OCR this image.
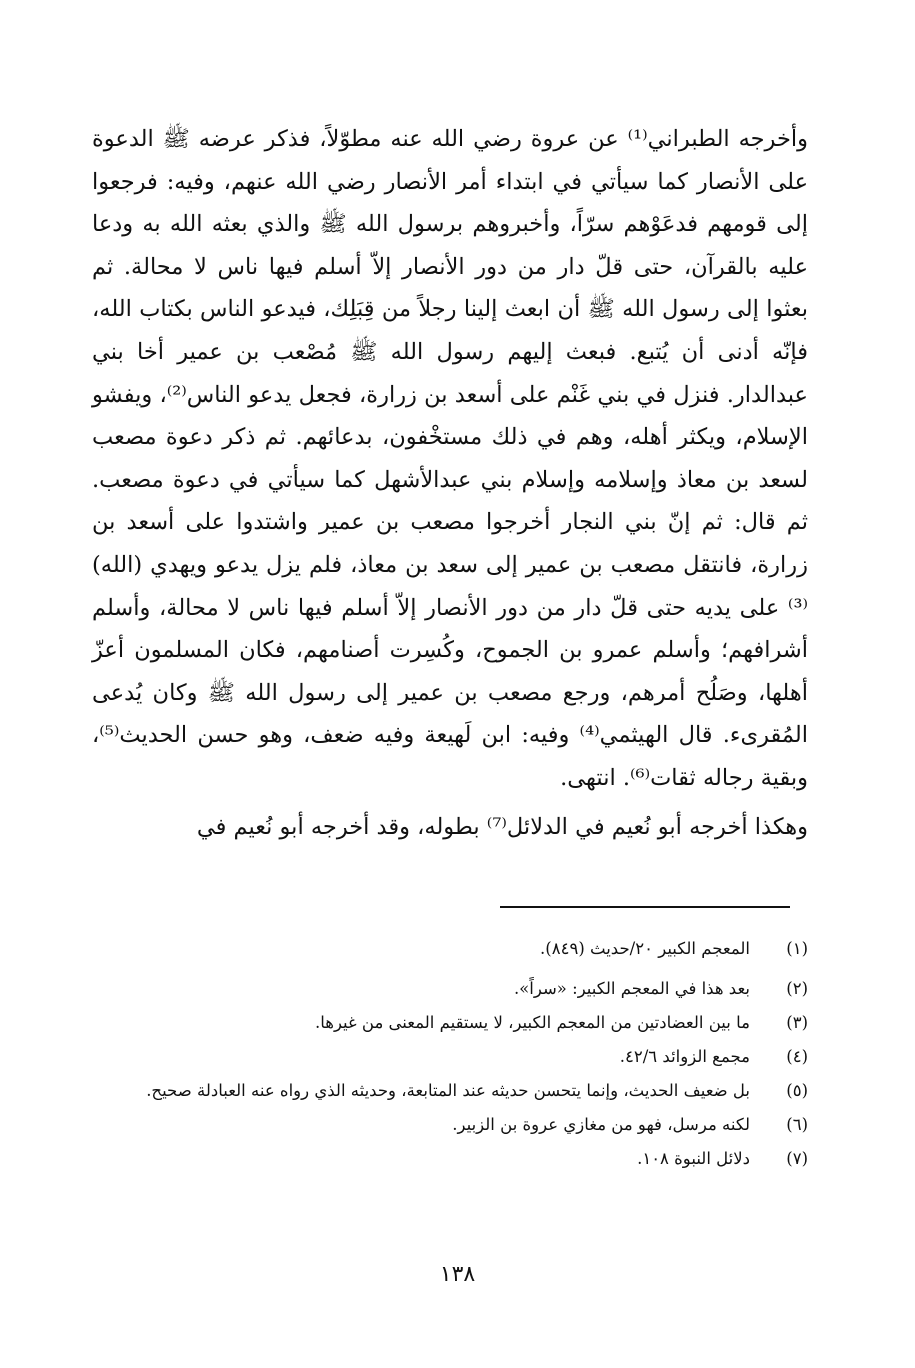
وأخرجه الطبراني⁽¹⁾ عن عروة رضي الله عنه مطوّلاً، فذكر عرضه ﷺ الدعوة على الأنصار كما سيأتي في ابتداء أمر الأنصار رضي الله عنهم، وفيه: فرجعوا إلى قومهم فدعَوْهم سرّاً، وأخبروهم برسول الله ﷺ والذي بعثه الله به ودعا عليه بالقرآن، حتى قلّ دار من دور الأنصار إلاّ أسلم فيها ناس لا محالة. ثم بعثوا إلى رسول الله ﷺ أن ابعث إلينا رجلاً من قِبَلِك، فيدعو الناس بكتاب الله، فإنّه أدنى أن يُتبع. فبعث إليهم رسول الله ﷺ مُصْعب بن عمير أخا بني عبدالدار. فنزل في بني غَنْم على أسعد بن زرارة، فجعل يدعو الناس⁽²⁾، ويفشو الإسلام، ويكثر أهله، وهم في ذلك مستخْفون، بدعائهم. ثم ذكر دعوة مصعب لسعد بن معاذ وإسلامه وإسلام بني عبدالأشهل كما سيأتي في دعوة مصعب. ثم قال: ثم إنّ بني النجار أخرجوا مصعب بن عمير واشتدوا على أسعد بن زرارة، فانتقل مصعب بن عمير إلى سعد بن معاذ، فلم يزل يدعو ويهدي (الله)⁽³⁾ على يديه حتى قلّ دار من دور الأنصار إلاّ أسلم فيها ناس لا محالة، وأسلم أشرافهم؛ وأسلم عمرو بن الجموح، وكُسِرت أصنامهم، فكان المسلمون أعزّ أهلها، وصَلُح أمرهم، ورجع مصعب بن عمير إلى رسول الله ﷺ وكان يُدعى المُقرىء. قال الهيثمي⁽⁴⁾ وفيه: ابن لَهيعة وفيه ضعف، وهو حسن الحديث⁽⁵⁾، وبقية رجاله ثقات⁽⁶⁾. انتهى.

وهكذا أخرجه أبو نُعيم في الدلائل⁽⁷⁾ بطوله، وقد أخرجه أبو نُعيم في

(١)
المعجم الكبير ٢٠/حديث (٨٤٩).
(٢)
بعد هذا في المعجم الكبير: «سراً».
(٣)
ما بين العضادتين من المعجم الكبير، لا يستقيم المعنى من غيرها.
(٤)
مجمع الزوائد ٤٢/٦.
(٥)
بل ضعيف الحديث، وإنما يتحسن حديثه عند المتابعة، وحديثه الذي رواه عنه العبادلة صحيح.
(٦)
لكنه مرسل، فهو من مغازي عروة بن الزبير.
(٧)
دلائل النبوة ١٠٨.
١٣٨
